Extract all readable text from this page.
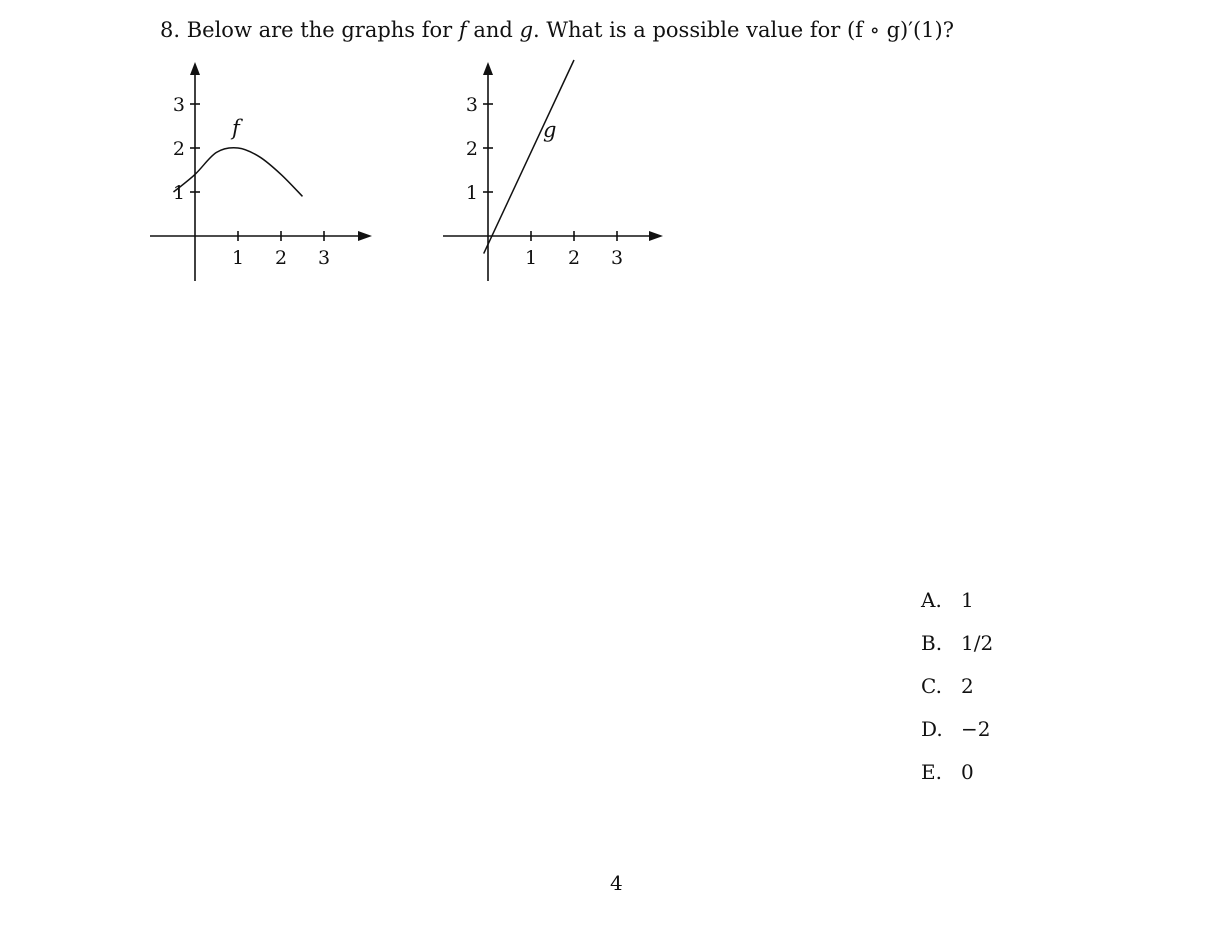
8. Below are the graphs for f and g. What is a possible value for (f ∘ g)′(1)?
1 2 3
1
2
3
f
1 2 3
1
2
3
g
A. 1
B. 1/2
C. 2
D. −2
E. 0
4
